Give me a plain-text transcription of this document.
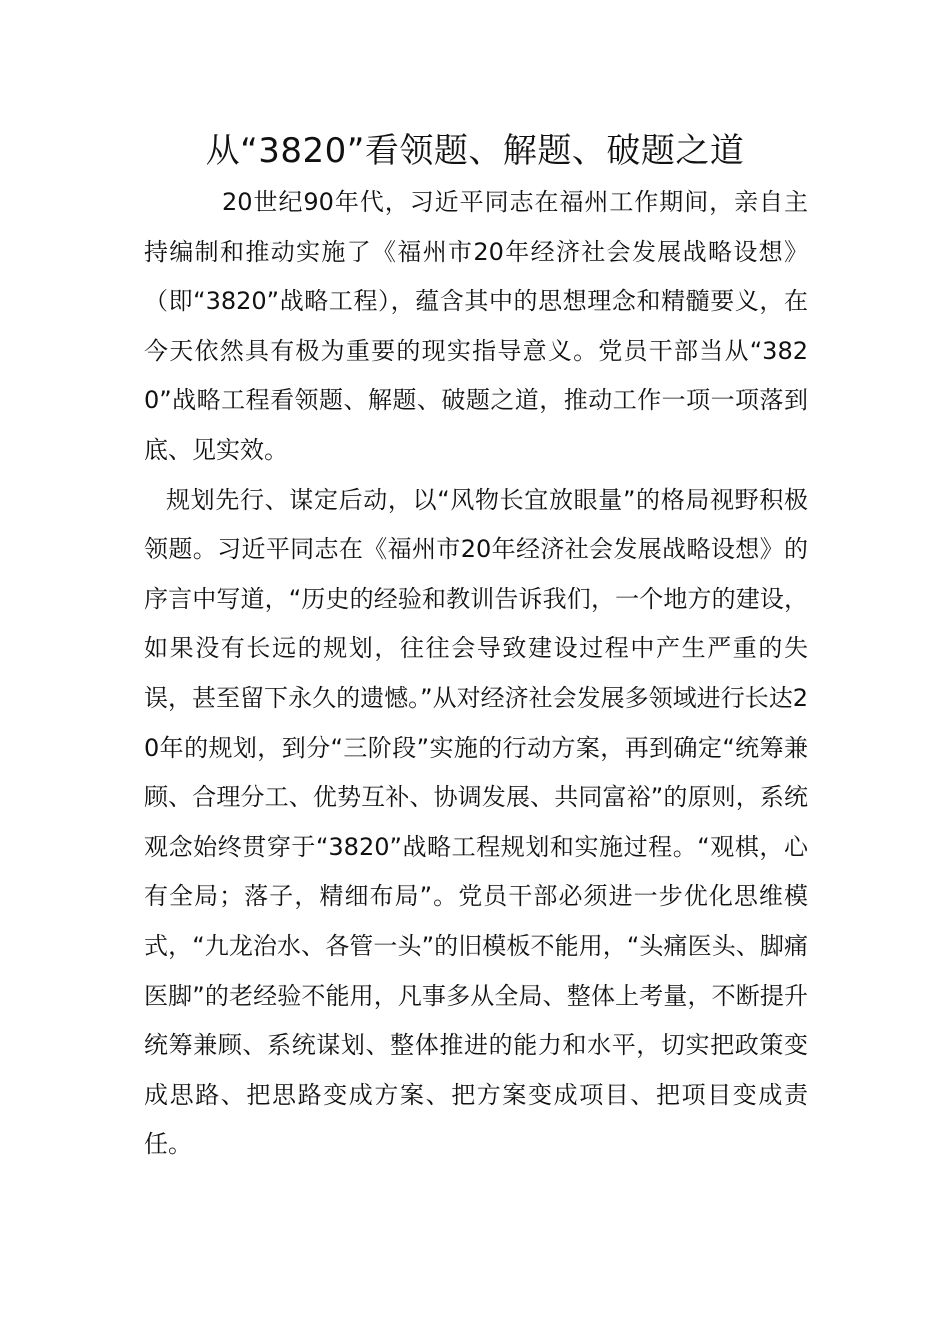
从“3820”看领题、解题、破题之道

20世纪90年代，习近平同志在福州工作期间，亲自主持编制和推动实施了《福州市20年经济社会发展战略设想》（即“3820”战略工程），蕴含其中的思想理念和精髓要义，在今天依然具有极为重要的现实指导意义。党员干部当从“3820”战略工程看领题、解题、破题之道，推动工作一项一项落到底、见实效。

规划先行、谋定后动，以“风物长宜放眼量”的格局视野积极领题。习近平同志在《福州市20年经济社会发展战略设想》的序言中写道，“历史的经验和教训告诉我们，一个地方的建设，如果没有长远的规划，往往会导致建设过程中产生严重的失误，甚至留下永久的遗憾。”从对经济社会发展多领域进行长达20年的规划，到分“三阶段”实施的行动方案，再到确定“统筹兼顾、合理分工、优势互补、协调发展、共同富裕”的原则，系统观念始终贯穿于“3820”战略工程规划和实施过程。“观棋，心有全局；落子，精细布局”。党员干部必须进一步优化思维模式，“九龙治水、各管一头”的旧模板不能用，“头痛医头、脚痛医脚”的老经验不能用，凡事多从全局、整体上考量，不断提升统筹兼顾、系统谋划、整体推进的能力和水平，切实把政策变成思路、把思路变成方案、把方案变成项目、把项目变成责任。
